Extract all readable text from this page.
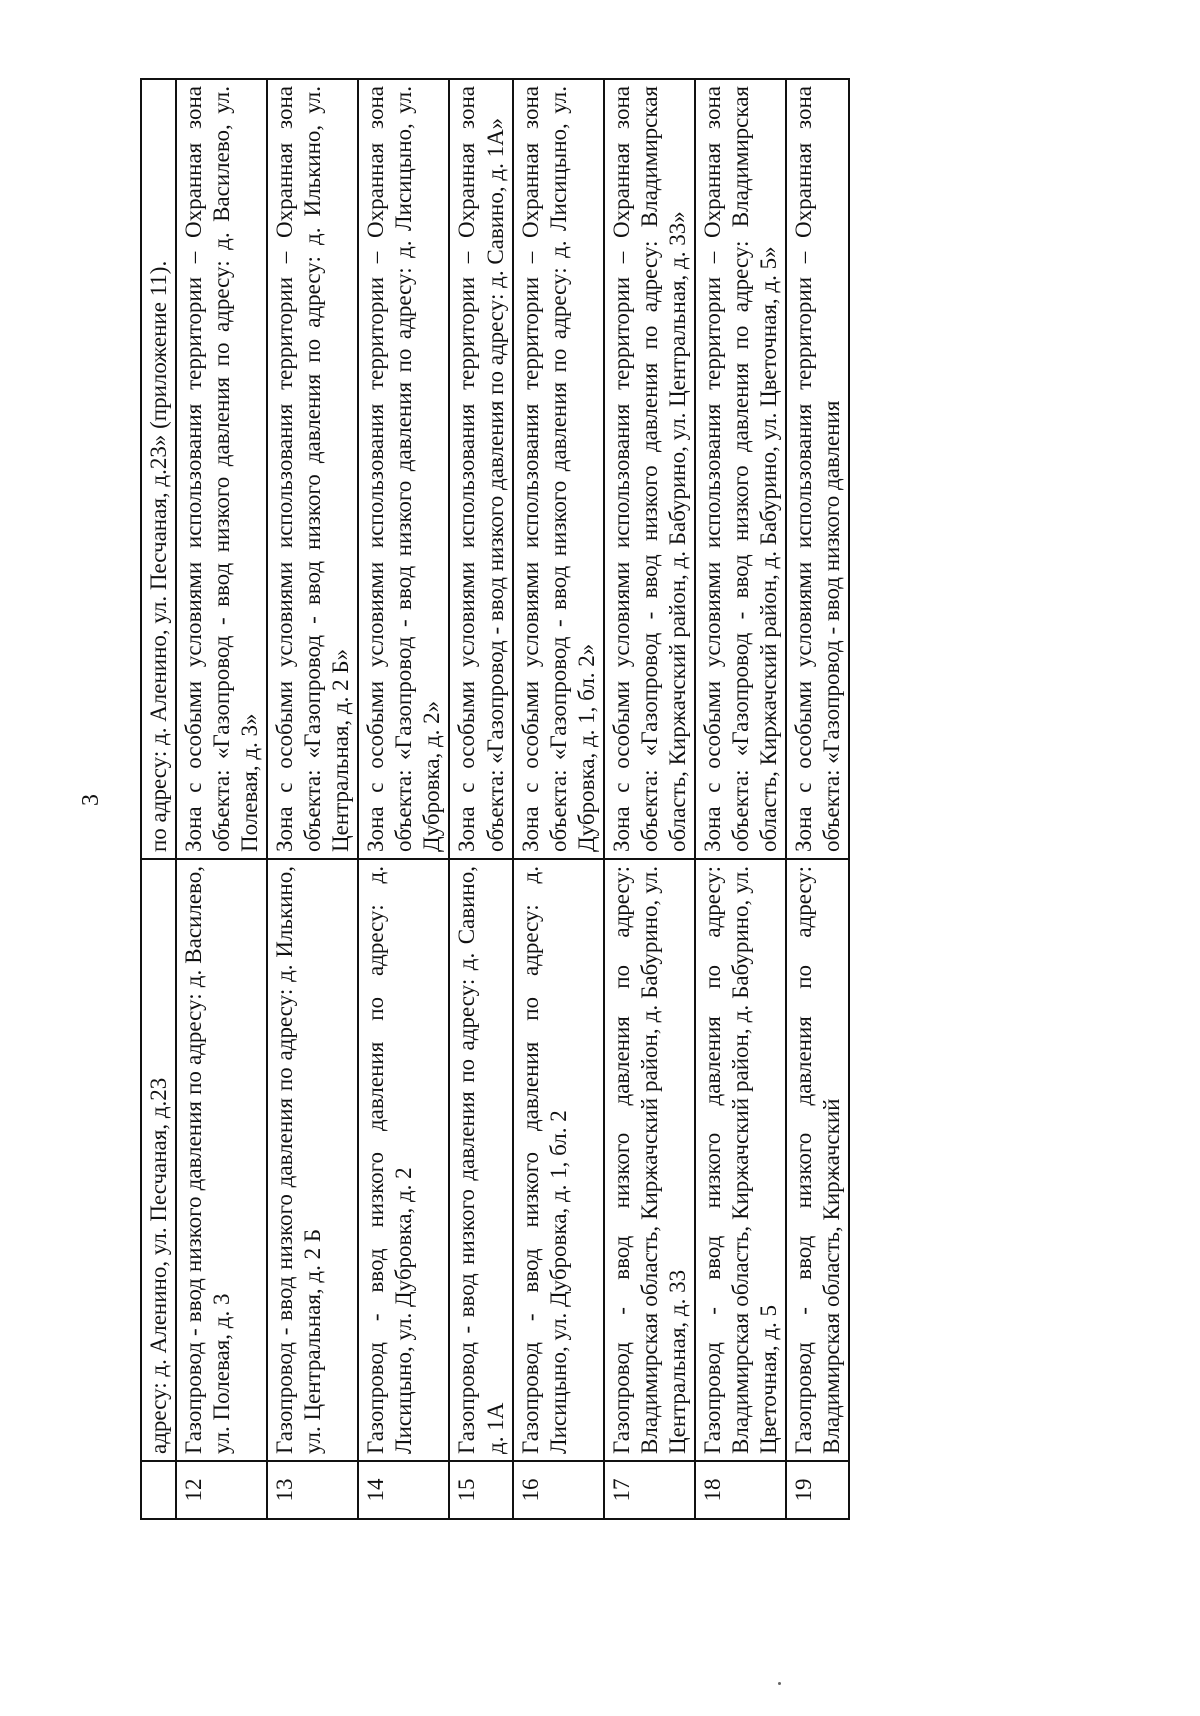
3
	адресу: д. Аленино, ул. Песчаная, д.23	по адресу: д. Аленино, ул. Песчаная, д.23» (приложение 11).
12	Газопровод - ввод низкого давления по адресу: д. Василево, ул. Полевая, д. 3	Зона с особыми условиями использования территории – Охранная зона объекта: «Газопровод - ввод низкого давления по адресу: д. Василево, ул. Полевая, д. 3»
13	Газопровод - ввод низкого давления по адресу: д. Илькино, ул. Центральная, д. 2 Б	Зона с особыми условиями использования территории – Охранная зона объекта: «Газопровод - ввод низкого давления по адресу: д. Илькино, ул. Центральная, д. 2 Б»
14	Газопровод - ввод низкого давления по адресу: д. Лисицыно, ул. Дубровка, д. 2	Зона с особыми условиями использования территории – Охранная зона объекта: «Газопровод - ввод низкого давления по адресу: д. Лисицыно, ул. Дубровка, д. 2»
15	Газопровод - ввод низкого давления по адресу: д. Савино, д. 1А	Зона с особыми условиями использования территории – Охранная зона объекта: «Газопровод - ввод низкого давления по адресу: д. Савино, д. 1А»
16	Газопровод - ввод низкого давления по адресу: д. Лисицыно, ул. Дубровка, д. 1, бл. 2	Зона с особыми условиями использования территории – Охранная зона объекта: «Газопровод - ввод низкого давления по адресу: д. Лисицыно, ул. Дубровка, д. 1, бл. 2»
17	Газопровод - ввод низкого давления по адресу: Владимирская область, Киржачский район, д. Бабурино, ул. Центральная, д. 33	Зона с особыми условиями использования территории – Охранная зона объекта: «Газопровод - ввод низкого давления по адресу: Владимирская область, Киржачский район, д. Бабурино, ул. Центральная, д. 33»
18	Газопровод - ввод низкого давления по адресу: Владимирская область, Киржачский район, д. Бабурино, ул. Цветочная, д. 5	Зона с особыми условиями использования территории – Охранная зона объекта: «Газопровод - ввод низкого давления по адресу: Владимирская область, Киржачский район, д. Бабурино, ул. Цветочная, д. 5»
19	Газопровод - ввод низкого давления по адресу: Владимирская область, Киржачский	Зона с особыми условиями использования территории – Охранная зона объекта: «Газопровод - ввод низкого давления
